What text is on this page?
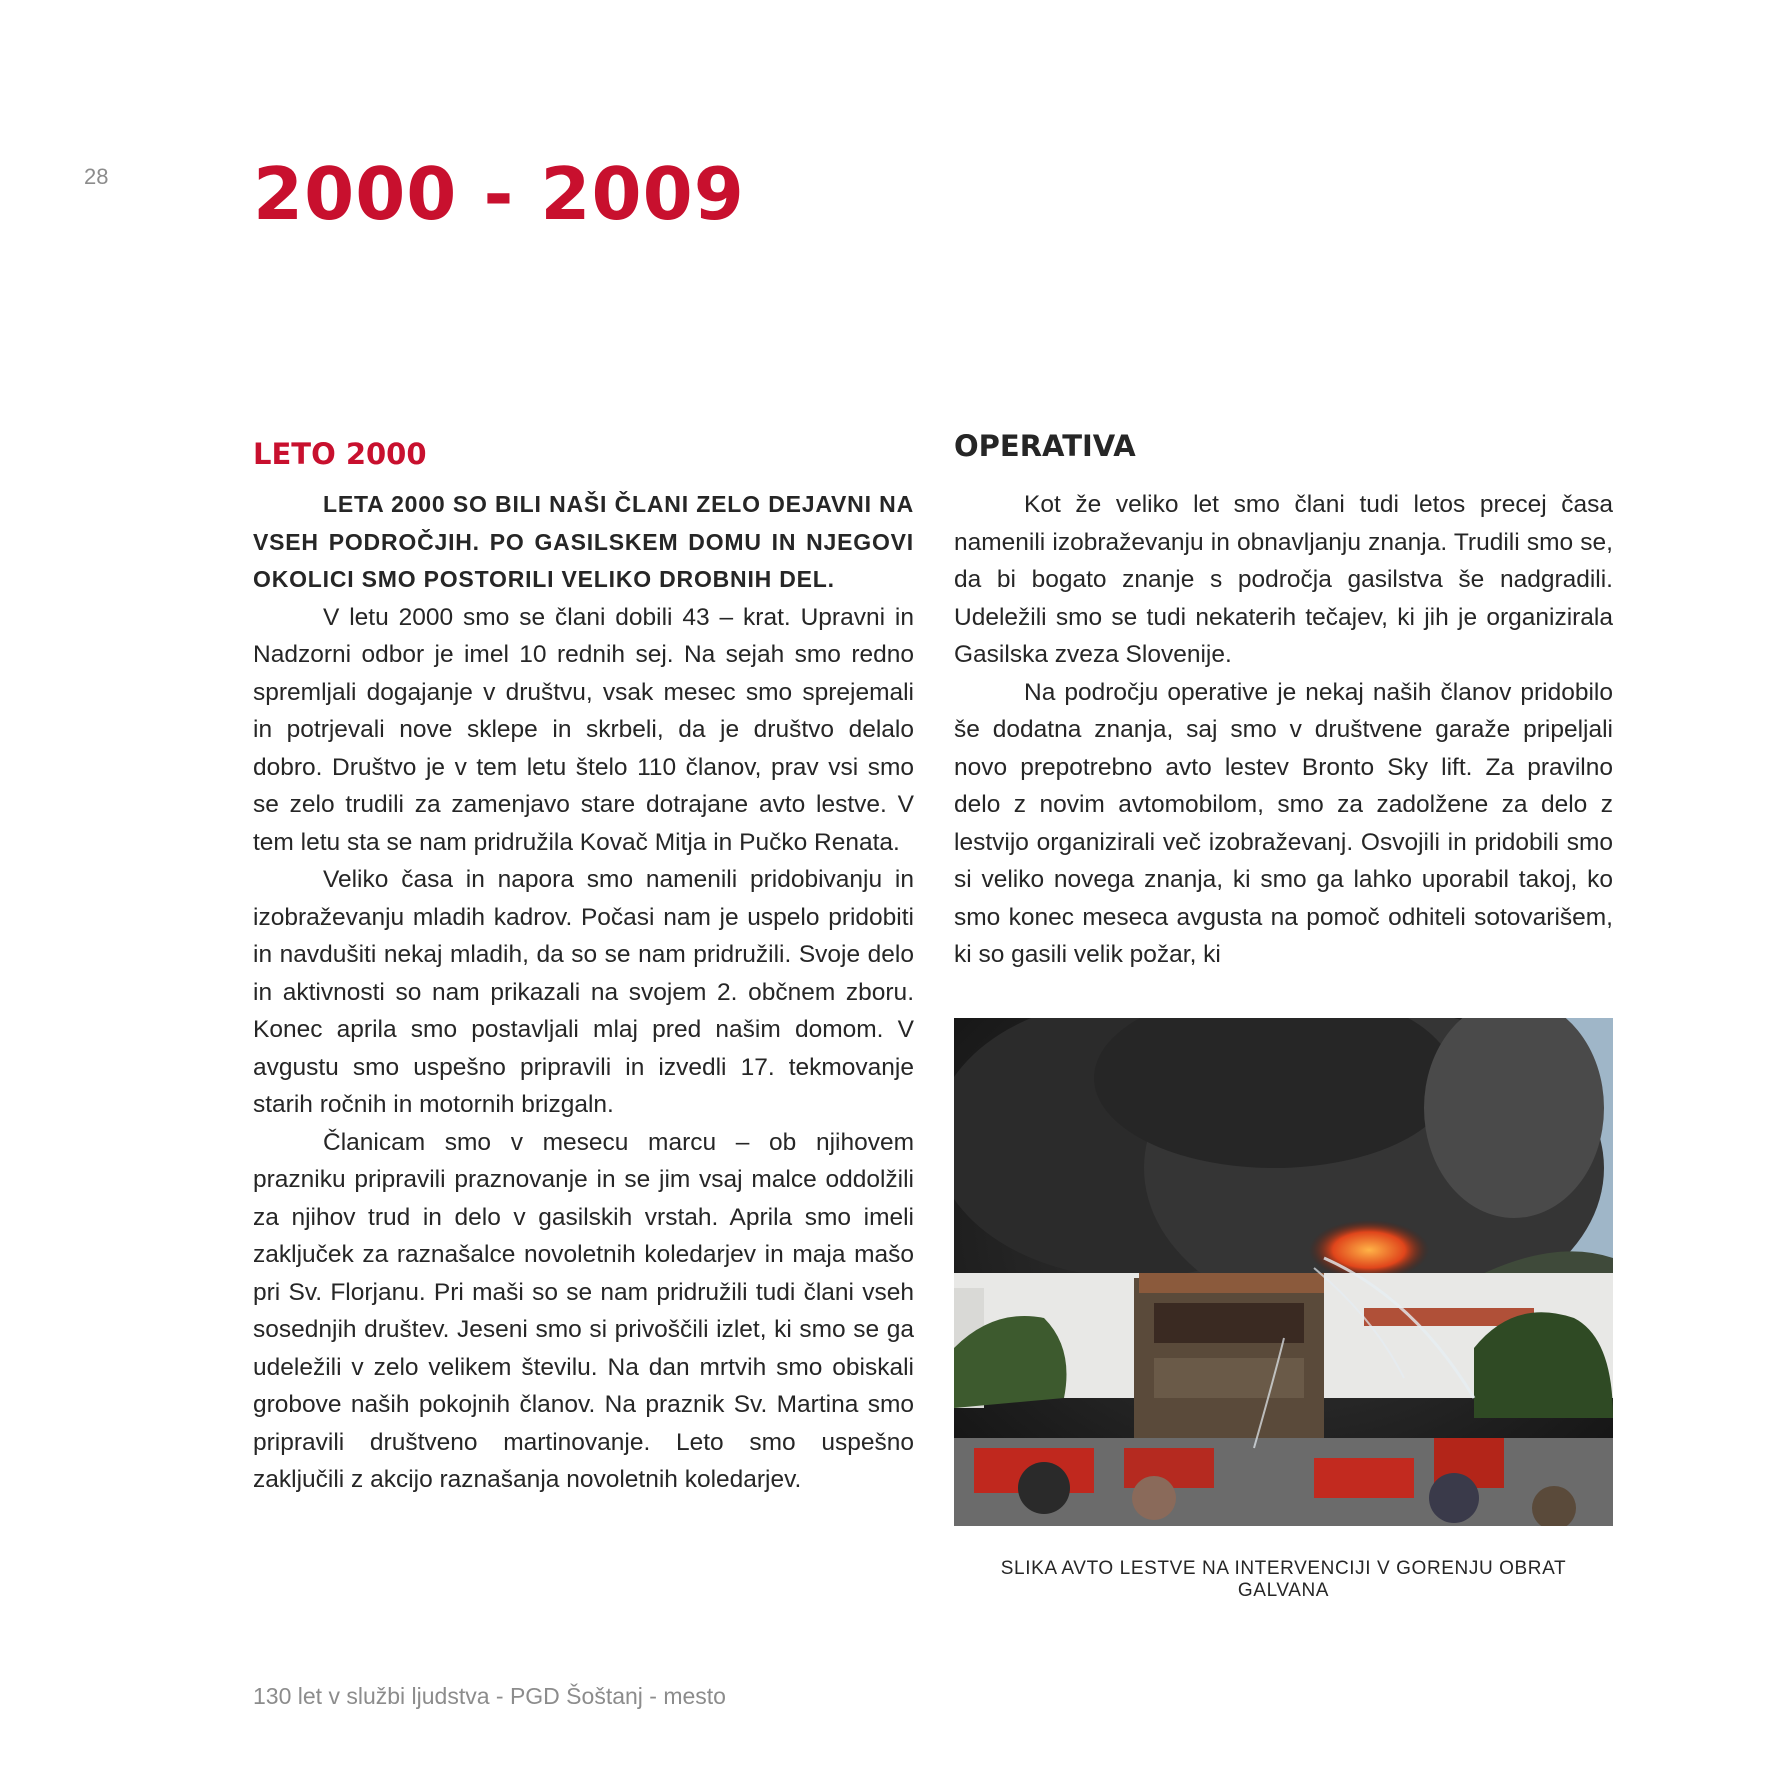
28 2000 - 2009
LETO 2000

LETA 2000 SO BILI NAŠI ČLANI ZELO DEJAVNI NA VSEH PODROČJIH. PO GASILSKEM DOMU IN NJEGOVI OKOLICI SMO POSTORILI VELIKO DROBNIH DEL.

V letu 2000 smo se člani dobili 43 – krat. Upravni in Nadzorni odbor je imel 10 rednih sej. Na sejah smo redno spremljali dogajanje v društvu, vsak mesec smo sprejemali in potrjevali nove sklepe in skrbeli, da je društvo delalo dobro. Društvo je v tem letu štelo 110 članov, prav vsi smo se zelo trudili za zamenjavo stare dotrajane avto lestve. V tem letu sta se nam pridružila Kovač Mitja in Pučko Renata.

Veliko časa in napora smo namenili pridobivanju in izobraževanju mladih kadrov. Počasi nam je uspelo pridobiti in navdušiti nekaj mladih, da so se nam pridružili. Svoje delo in aktivnosti so nam prikazali na svojem 2. občnem zboru. Konec aprila smo postavljali mlaj pred našim domom. V avgustu smo uspešno pripravili in izvedli 17. tekmovanje starih ročnih in motornih brizgaln.

Članicam smo v mesecu marcu – ob njihovem prazniku pripravili praznovanje in se jim vsaj malce oddolžili za njihov trud in delo v gasilskih vrstah. Aprila smo imeli zaključek za raznašalce novoletnih koledarjev in maja mašo pri Sv. Florjanu. Pri maši so se nam pridružili tudi člani vseh sosednjih društev. Jeseni smo si privoščili izlet, ki smo se ga udeležili v zelo velikem številu. Na dan mrtvih smo obiskali grobove naših pokojnih članov. Na praznik Sv. Martina smo pripravili društveno martinovanje. Leto smo uspešno zaključili z akcijo raznašanja novoletnih koledarjev.

OPERATIVA

Kot že veliko let smo člani tudi letos precej časa namenili izobraževanju in obnavljanju znanja. Trudili smo se, da bi bogato znanje s področja gasilstva še nadgradili. Udeležili smo se tudi nekaterih tečajev, ki jih je organizirala Gasilska zveza Slovenije.

Na področju operative je nekaj naših članov pridobilo še dodatna znanja, saj smo v društvene garaže pripeljali novo prepotrebno avto lestev Bronto Sky lift. Za pravilno delo z novim avtomobilom, smo za zadolžene za delo z lestvijo organizirali več izobraževanj. Osvojili in pridobili smo si veliko novega znanja, ki smo ga lahko uporabil takoj, ko smo konec meseca avgusta na pomoč odhiteli sotovarišem, ki so gasili velik požar, ki

SLIKA AVTO LESTVE NA INTERVENCIJI V GORENJU OBRAT GALVANA
130 let v službi ljudstva - PGD Šoštanj - mesto
